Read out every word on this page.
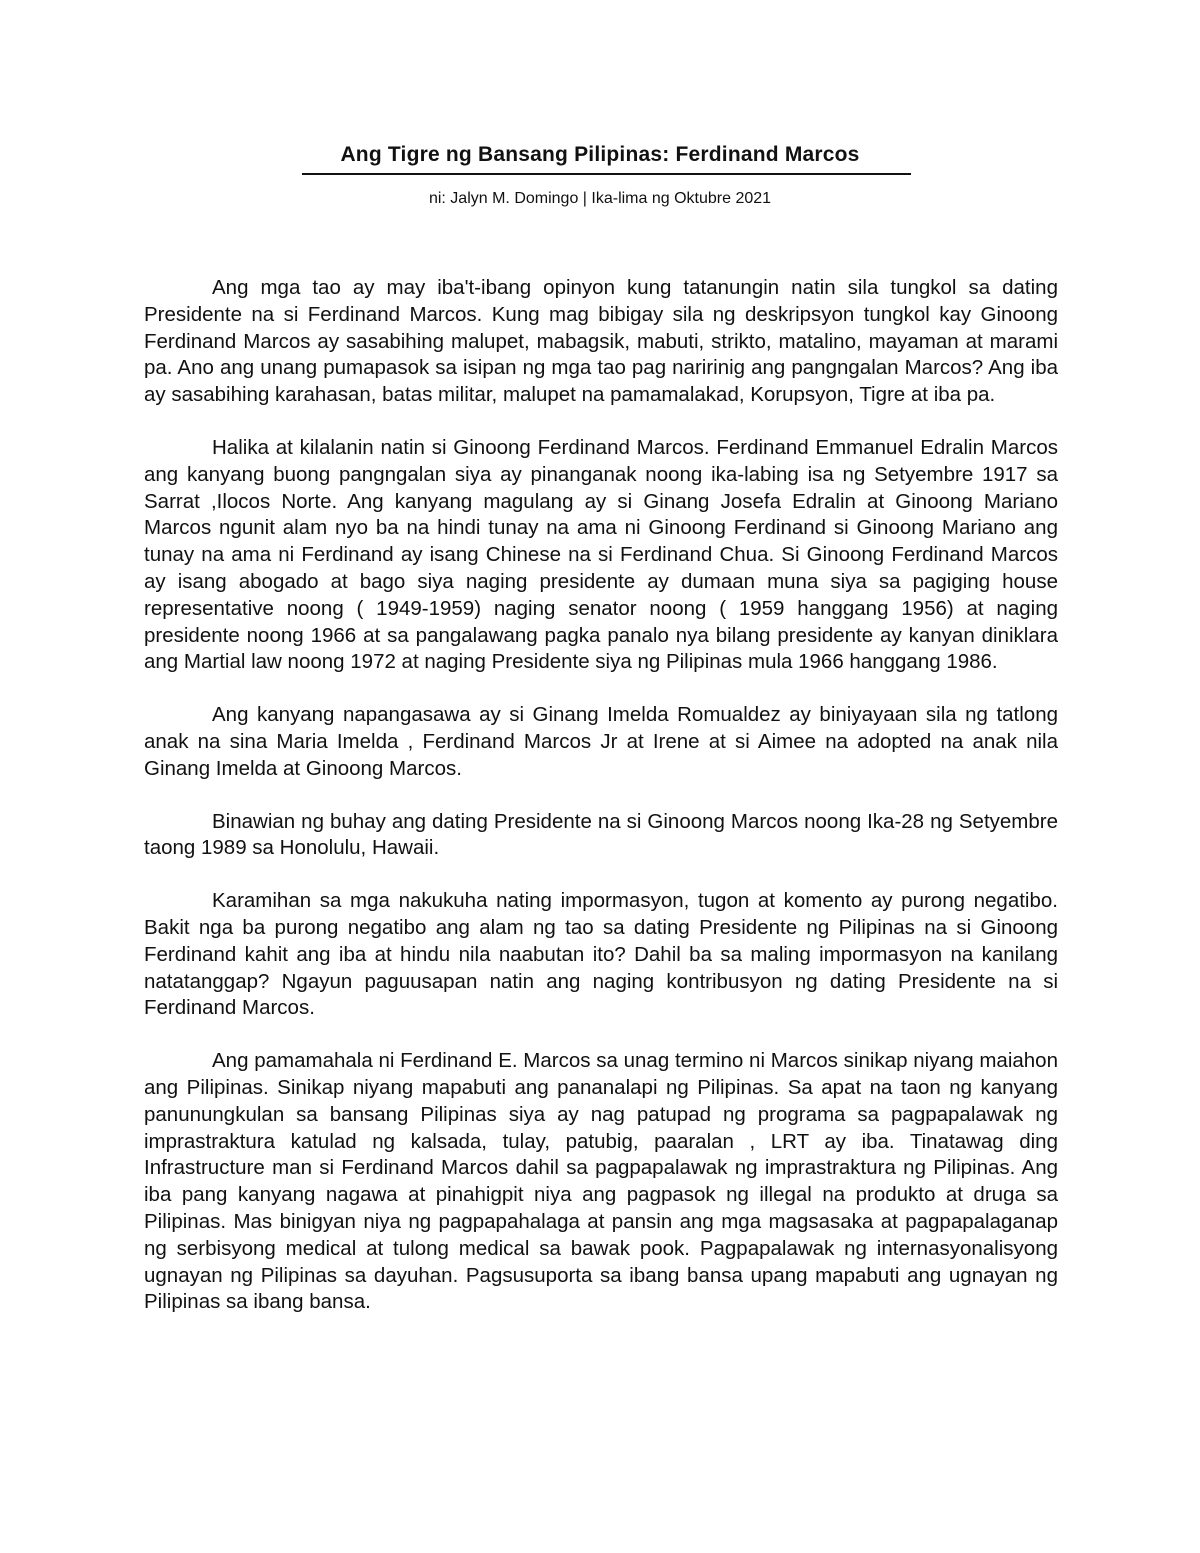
Ang Tigre ng Bansang Pilipinas: Ferdinand Marcos
ni: Jalyn M. Domingo | Ika-lima ng Oktubre 2021

Ang mga tao ay may iba't-ibang opinyon kung tatanungin natin sila tungkol sa dating Presidente na si Ferdinand Marcos. Kung mag bibigay sila ng deskripsyon tungkol kay Ginoong Ferdinand Marcos ay sasabihing malupet, mabagsik, mabuti, strikto, matalino, mayaman at marami pa. Ano ang unang pumapasok sa isipan ng mga tao pag naririnig ang pangngalan Marcos? Ang iba ay sasabihing karahasan, batas militar, malupet na pamamalakad, Korupsyon, Tigre at iba pa.

Halika at kilalanin natin si Ginoong Ferdinand Marcos. Ferdinand Emmanuel Edralin Marcos ang kanyang buong pangngalan siya ay pinanganak noong ika-labing isa ng Setyembre 1917 sa Sarrat ,Ilocos Norte. Ang kanyang magulang ay si Ginang Josefa Edralin at Ginoong Mariano Marcos ngunit alam nyo ba na hindi tunay na ama ni Ginoong Ferdinand si Ginoong Mariano ang tunay na ama ni Ferdinand ay isang Chinese na si Ferdinand Chua. Si Ginoong Ferdinand Marcos ay isang abogado at bago siya naging presidente ay dumaan muna siya sa pagiging house representative noong ( 1949-1959) naging senator noong ( 1959 hanggang 1956) at naging presidente noong 1966 at sa pangalawang pagka panalo nya bilang presidente ay kanyan diniklara ang Martial law noong 1972 at naging Presidente siya ng Pilipinas mula 1966 hanggang 1986.

Ang kanyang napangasawa ay si Ginang Imelda Romualdez ay biniyayaan sila ng tatlong anak na sina Maria Imelda , Ferdinand Marcos Jr at Irene at si Aimee na adopted na anak nila Ginang Imelda at Ginoong Marcos.

Binawian ng buhay ang dating Presidente na si Ginoong Marcos noong Ika-28 ng Setyembre taong 1989 sa Honolulu, Hawaii.

Karamihan sa mga nakukuha nating impormasyon, tugon at komento ay purong negatibo. Bakit nga ba purong negatibo ang alam ng tao sa dating Presidente ng Pilipinas na si Ginoong Ferdinand kahit ang iba at hindu nila naabutan ito? Dahil ba sa maling impormasyon na kanilang natatanggap? Ngayun paguusapan natin ang naging kontribusyon ng dating Presidente na si Ferdinand Marcos.

Ang pamamahala ni Ferdinand E. Marcos sa unag termino ni Marcos sinikap niyang maiahon ang Pilipinas. Sinikap niyang mapabuti ang pananalapi ng Pilipinas. Sa apat na taon ng kanyang panunungkulan sa bansang Pilipinas siya ay nag patupad ng programa sa pagpapalawak ng imprastraktura katulad ng kalsada, tulay, patubig, paaralan , LRT ay iba. Tinatawag ding Infrastructure man si Ferdinand Marcos dahil sa pagpapalawak ng imprastraktura ng Pilipinas. Ang iba pang kanyang nagawa at pinahigpit niya ang pagpasok ng illegal na produkto at druga sa Pilipinas. Mas binigyan niya ng pagpapahalaga at pansin ang mga magsasaka at pagpapalaganap ng serbisyong medical at tulong medical sa bawak pook. Pagpapalawak ng internasyonalisyong ugnayan ng Pilipinas sa dayuhan. Pagsusuporta sa ibang bansa upang mapabuti ang ugnayan ng Pilipinas sa ibang bansa.
